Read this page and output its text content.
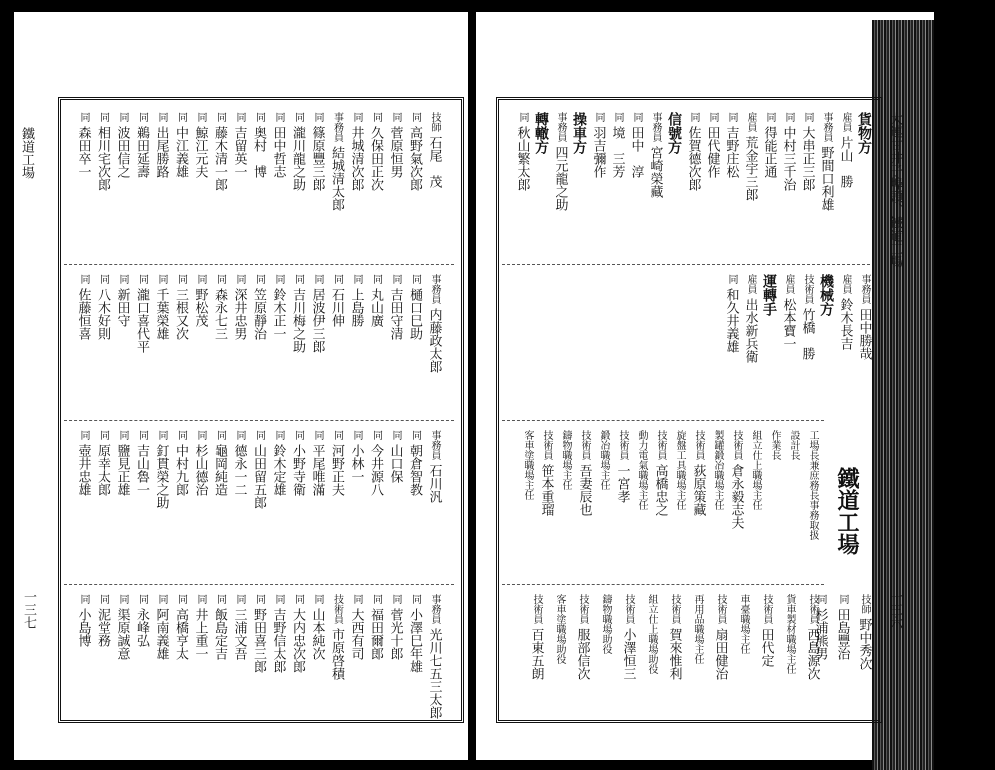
鐵道工場
一三七
技師
石尾　茂
同
高野氣次郎
同
菅原恒男
同
久保田正次
同
井城清次郎
事務員
結城清太郎
同
篠原豐三郎
同
瀧川龍之助
同
田中哲志
同
奥村　博
同
吉留英一
同
藤木清一郎
同
鯨江元夫
同
中江義雄
同
出尾勝路
同
鵜田延壽
同
波田信之
同
相川宅次郎
同
森田卒一
事務員
内藤政太郎
同
樋口巳助
同
吉田守清
同
丸山廣
同
上島勝
同
石川伸
同
居波伊三郎
同
吉川梅之助
同
鈴木正一
同
笠原靜治
同
深井忠男
同
森永七三
同
野松茂
同
三根又次
同
千葉榮雄
同
瀧口喜代平
同
新田守
同
八木好則
同
佐藤恒喜
事務員
石川汎
同
朝倉智教
同
山口保
同
今井源八
同
小林一
同
河野正夫
同
平尾唯滿
同
小野寺衛
同
鈴木定雄
同
山田留五郎
同
德永一二
同
龜岡純造
同
杉山德治
同
中村九郎
同
釘貫榮之助
同
吉山魯一
同
鹽見正雄
同
原幸太郎
同
壺井忠雄
事務員
光川七五三太郎
同
小澤巳年雄
同
菅光十郎
同
福田爾郎
同
大西有司
技術員
市原啓積
同
山本純次
同
大内忠次郎
同
吉野信太郎
同
野田喜三郎
同
三浦文吾
同
飯島定吉
同
井上重一
同
高橋亨太
同
阿南義雄
同
永峰弘
同
渠原誠意
同
泥堂務
同
小島博
大連甘井子埠頭、鐵道工場
一三六
鐵道工場
貨物方
雇員
片山　勝
事務員
野間口利雄
同
大串正三郎
同
中村三千治
同
得能正通
雇員
荒金宇三郎
同
吉野庄松
同
田代健作
同
佐賀德次郎
信號方
事務員
宮崎榮藏
同
田中　淳
同
境　三芳
同
羽吉彌作
操車方
事務員
四元龍之助
轉轍方
同
秋山繁太郎
事務員
田中勝哉
雇員
鈴木長吉
機械方
技術員
竹橋　勝
雇員
松本寶一
運轉手
雇員
出水新兵衛
同
和久井義雄
工場長兼庶務長事務取扱
設計長
作業長
組立仕上職場主任
技術員
倉永毅志夫
製罐鍛冶職場主任
技術員
荻原策藏
旋盤工具職場主任
技術員
高橋忠之
動力電氣職場主任
技術員
一宮孝
鍛冶職場主任
技術員
吾妻辰也
鑄物職場主任
技術員
笹本重瑠
客車塗職場主任
技術員
西島源次
貨車製材職場主任
技術員
田代定
車臺職場主任
技術員
扇田健治
再用品職場主任
技術員
賀來惟利
組立仕上職場助役
技術員
小澤恒三
鑄物職場助役
技術員
服部信次
客車塗職場助役
技術員
百東五朗
技師
野中秀次
同
田島豐治
同
杉浦熊男
